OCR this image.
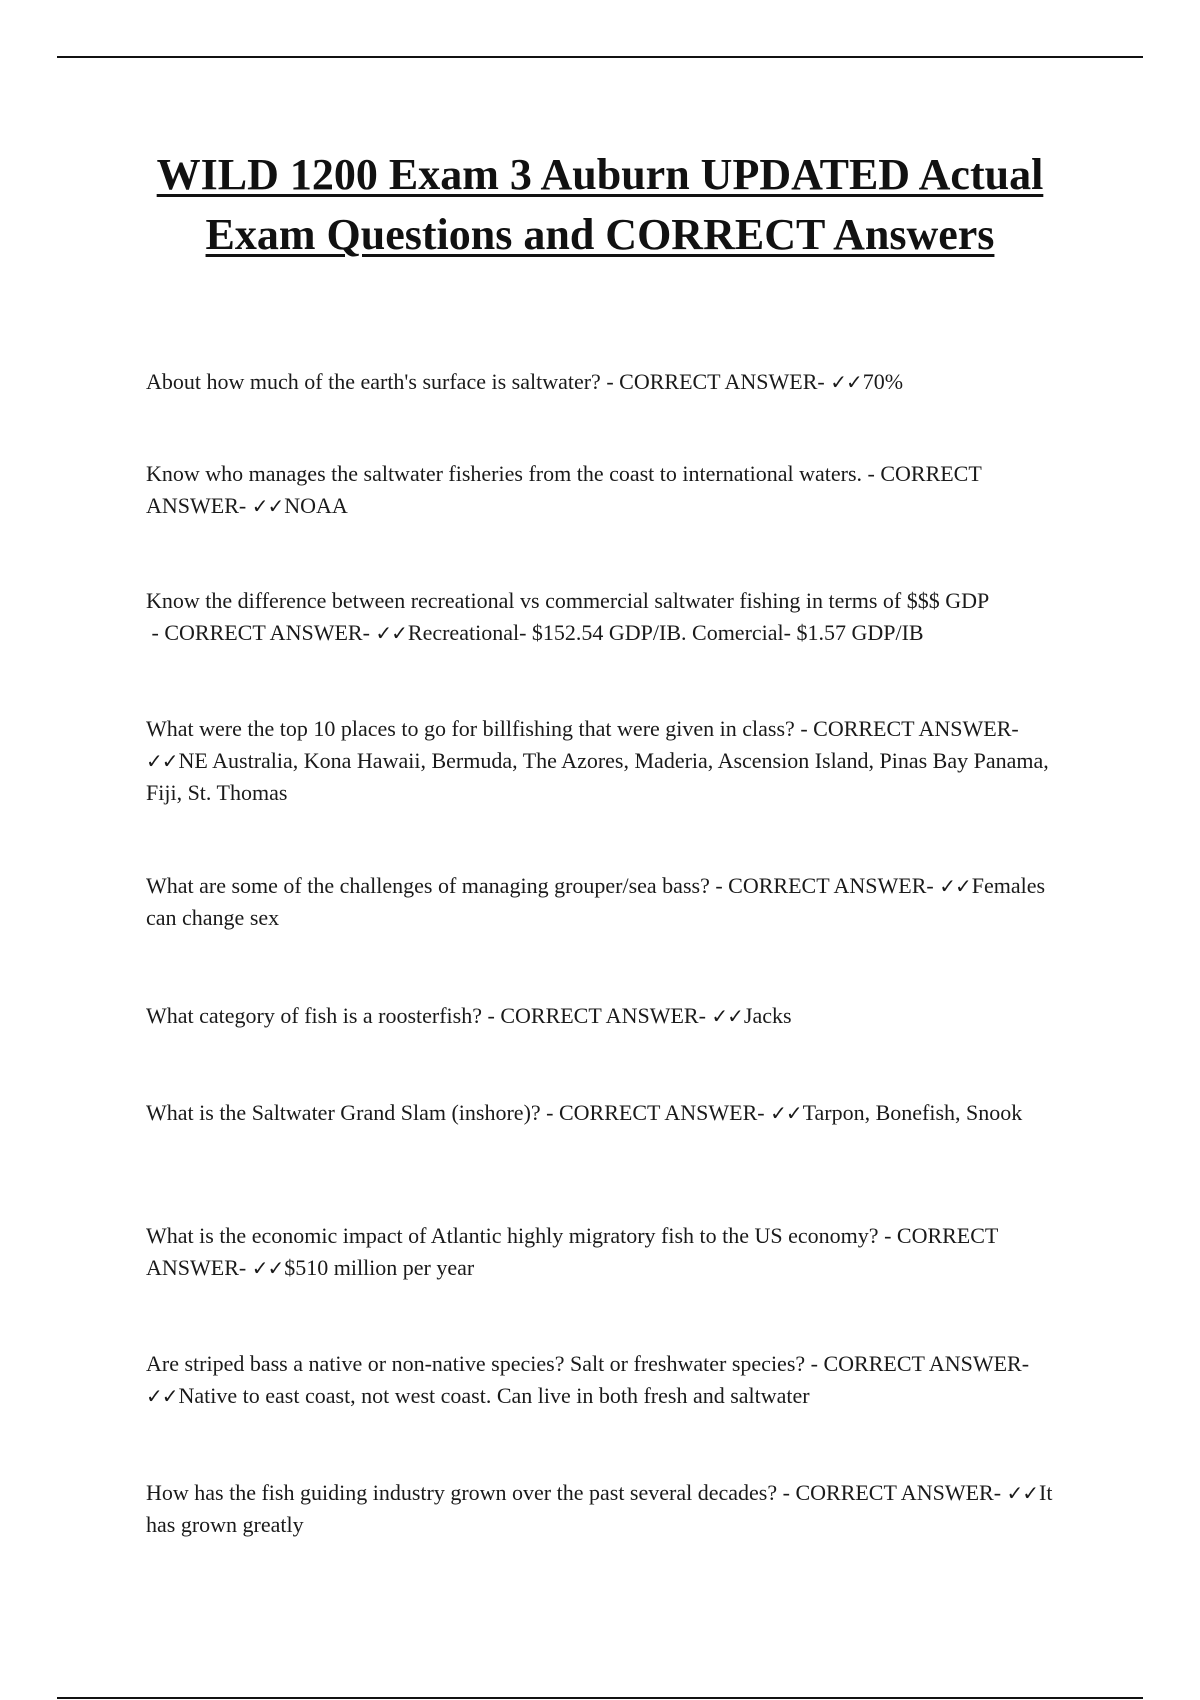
WILD 1200 Exam 3 Auburn UPDATED Actual Exam Questions and CORRECT Answers

About how much of the earth's surface is saltwater? - CORRECT ANSWER- ✓✓70%

Know who manages the saltwater fisheries from the coast to international waters. - CORRECT ANSWER- ✓✓NOAA

Know the difference between recreational vs commercial saltwater fishing in terms of $$$ GDP - CORRECT ANSWER- ✓✓Recreational- $152.54 GDP/IB. Comercial- $1.57 GDP/IB

What were the top 10 places to go for billfishing that were given in class? - CORRECT ANSWER- ✓✓NE Australia, Kona Hawaii, Bermuda, The Azores, Maderia, Ascension Island, Pinas Bay Panama, Fiji, St. Thomas

What are some of the challenges of managing grouper/sea bass? - CORRECT ANSWER- ✓✓Females can change sex

What category of fish is a roosterfish? - CORRECT ANSWER- ✓✓Jacks

What is the Saltwater Grand Slam (inshore)? - CORRECT ANSWER- ✓✓Tarpon, Bonefish, Snook

What is the economic impact of Atlantic highly migratory fish to the US economy? - CORRECT ANSWER- ✓✓$510 million per year

Are striped bass a native or non-native species? Salt or freshwater species? - CORRECT ANSWER- ✓✓Native to east coast, not west coast. Can live in both fresh and saltwater

How has the fish guiding industry grown over the past several decades? - CORRECT ANSWER- ✓✓It has grown greatly
